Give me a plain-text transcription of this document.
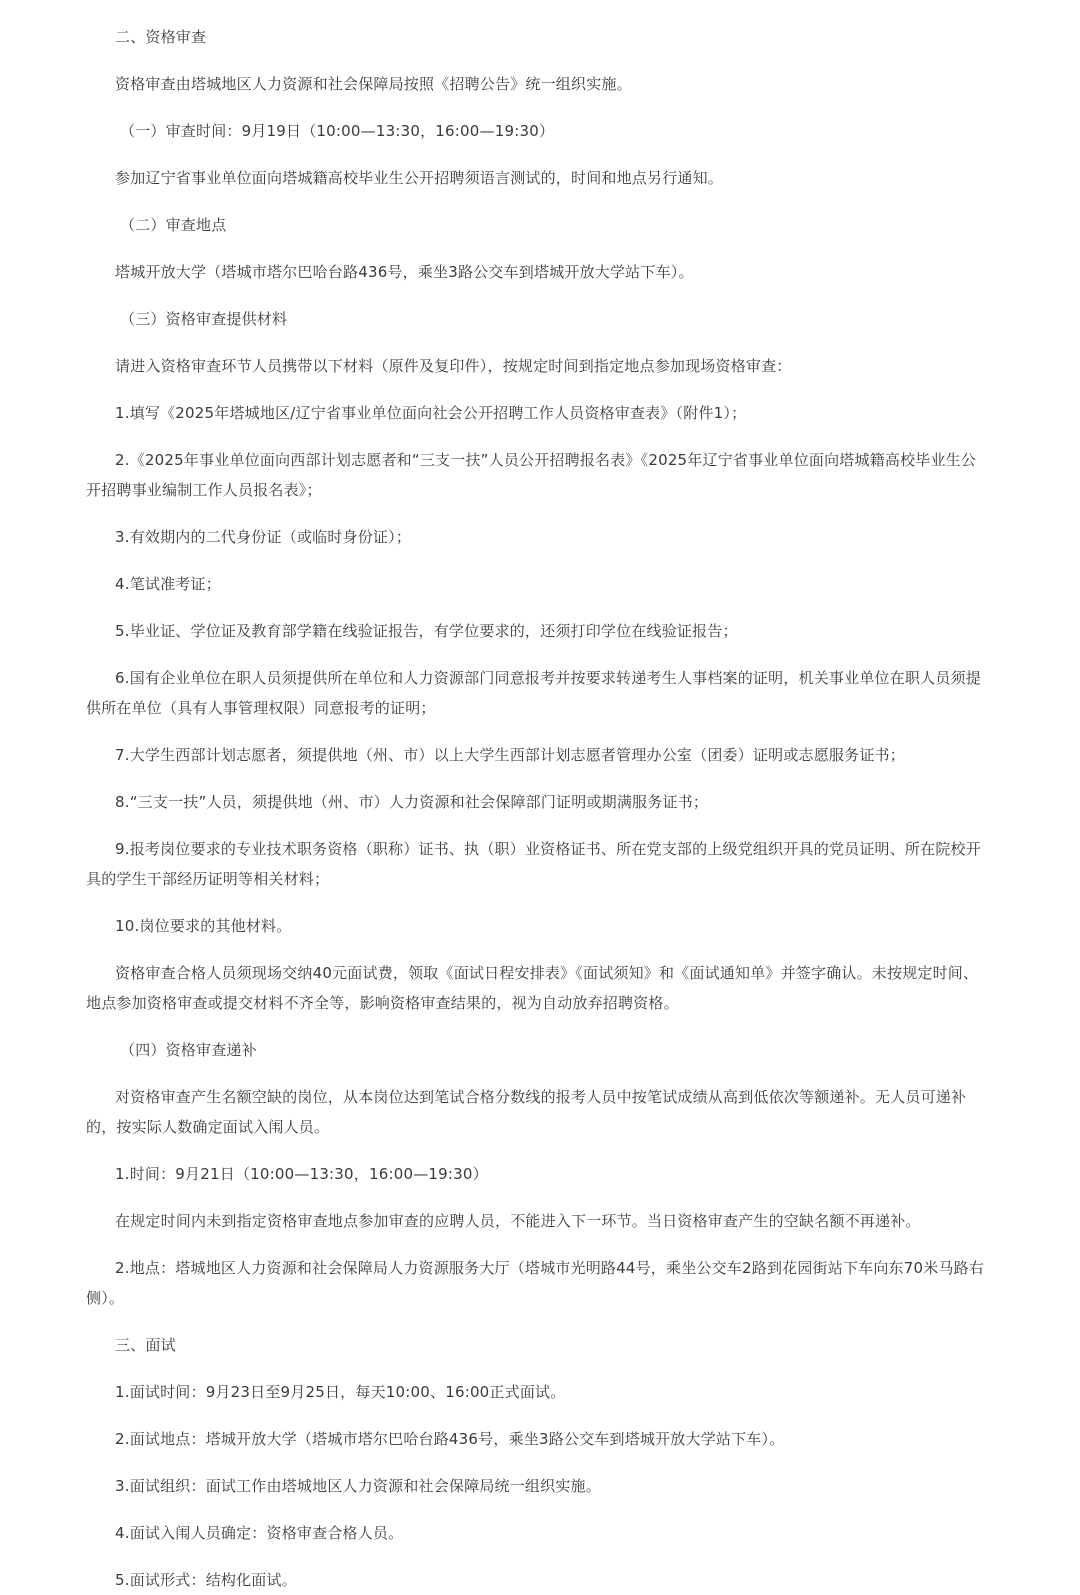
二、资格审查

资格审查由塔城地区人力资源和社会保障局按照《招聘公告》统一组织实施。

（一）审查时间：9月19日（10:00—13:30，16:00—19:30）

参加辽宁省事业单位面向塔城籍高校毕业生公开招聘须语言测试的，时间和地点另行通知。

（二）审查地点

塔城开放大学（塔城市塔尔巴哈台路436号，乘坐3路公交车到塔城开放大学站下车）。

（三）资格审查提供材料

请进入资格审查环节人员携带以下材料（原件及复印件），按规定时间到指定地点参加现场资格审查：

1.填写《2025年塔城地区/辽宁省事业单位面向社会公开招聘工作人员资格审查表》（附件1）；

2.《2025年事业单位面向西部计划志愿者和“三支一扶”人员公开招聘报名表》《2025年辽宁省事业单位面向塔城籍高校毕业生公开招聘事业编制工作人员报名表》；

3.有效期内的二代身份证（或临时身份证）；

4.笔试准考证；

5.毕业证、学位证及教育部学籍在线验证报告，有学位要求的，还须打印学位在线验证报告；

6.国有企业单位在职人员须提供所在单位和人力资源部门同意报考并按要求转递考生人事档案的证明，机关事业单位在职人员须提供所在单位（具有人事管理权限）同意报考的证明；

7.大学生西部计划志愿者，须提供地（州、市）以上大学生西部计划志愿者管理办公室（团委）证明或志愿服务证书；

8.“三支一扶”人员，须提供地（州、市）人力资源和社会保障部门证明或期满服务证书；

9.报考岗位要求的专业技术职务资格（职称）证书、执（职）业资格证书、所在党支部的上级党组织开具的党员证明、所在院校开具的学生干部经历证明等相关材料；

10.岗位要求的其他材料。

资格审查合格人员须现场交纳40元面试费，领取《面试日程安排表》《面试须知》和《面试通知单》并签字确认。未按规定时间、地点参加资格审查或提交材料不齐全等，影响资格审查结果的，视为自动放弃招聘资格。

（四）资格审查递补

对资格审查产生名额空缺的岗位，从本岗位达到笔试合格分数线的报考人员中按笔试成绩从高到低依次等额递补。无人员可递补的，按实际人数确定面试入闱人员。

1.时间：9月21日（10:00—13:30，16:00—19:30）

在规定时间内未到指定资格审查地点参加审查的应聘人员，不能进入下一环节。当日资格审查产生的空缺名额不再递补。

2.地点：塔城地区人力资源和社会保障局人力资源服务大厅（塔城市光明路44号，乘坐公交车2路到花园街站下车向东70米马路右侧）。

三、面试

1.面试时间：9月23日至9月25日，每天10:00、16:00正式面试。

2.面试地点：塔城开放大学（塔城市塔尔巴哈台路436号，乘坐3路公交车到塔城开放大学站下车）。

3.面试组织：面试工作由塔城地区人力资源和社会保障局统一组织实施。

4.面试入闱人员确定：资格审查合格人员。

5.面试形式：结构化面试。
